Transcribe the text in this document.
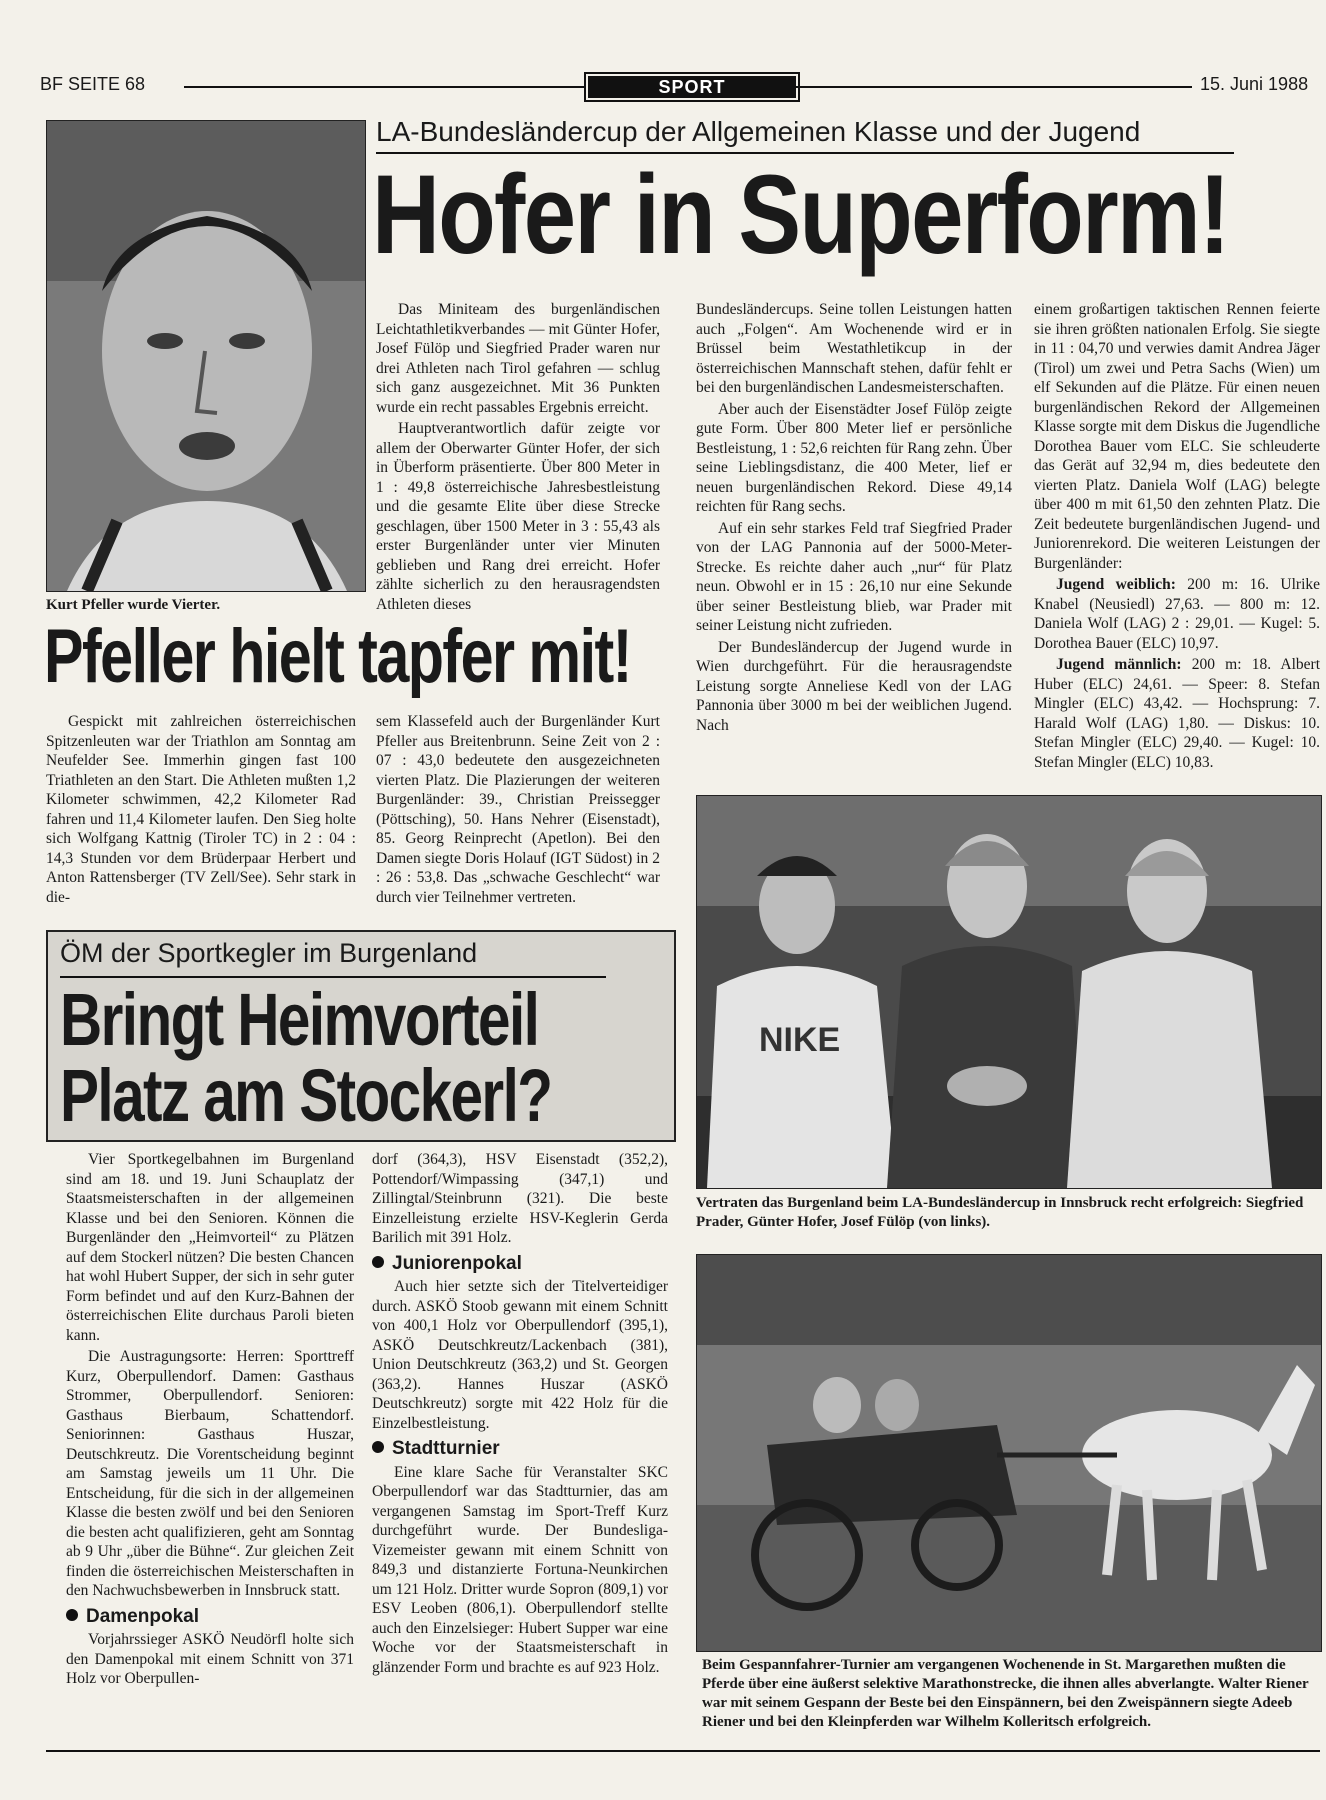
BF SEITE 68	SPORT	15. Juni 1988
Kurt Pfeller wurde Vierter.
LA-Bundesländercup der Allgemeinen Klasse und der Jugend
Hofer in Superform!

Das Miniteam des burgenländischen Leichtathletikverbandes — mit Günter Hofer, Josef Fülöp und Siegfried Prader waren nur drei Athleten nach Tirol gefahren — schlug sich ganz ausgezeichnet. Mit 36 Punkten wurde ein recht passables Ergebnis erreicht.

Hauptverantwortlich dafür zeigte vor allem der Oberwarter Günter Hofer, der sich in Überform präsentierte. Über 800 Meter in 1 : 49,8 österreichische Jahresbestleistung und die gesamte Elite über diese Strecke geschlagen, über 1500 Meter in 3 : 55,43 als erster Burgenländer unter vier Minuten geblieben und Rang drei erreicht. Hofer zählte sicherlich zu den herausragendsten Athleten dieses

Bundesländercups. Seine tollen Leistungen hatten auch „Folgen“. Am Wochenende wird er in Brüssel beim Westathletikcup in der österreichischen Mannschaft stehen, dafür fehlt er bei den burgenländischen Landesmeisterschaften.

Aber auch der Eisenstädter Josef Fülöp zeigte gute Form. Über 800 Meter lief er persönliche Bestleistung, 1 : 52,6 reichten für Rang zehn. Über seine Lieblingsdistanz, die 400 Meter, lief er neuen burgenländischen Rekord. Diese 49,14 reichten für Rang sechs.

Auf ein sehr starkes Feld traf Siegfried Prader von der LAG Pannonia auf der 5000-Meter-Strecke. Es reichte daher auch „nur“ für Platz neun. Obwohl er in 15 : 26,10 nur eine Sekunde über seiner Bestleistung blieb, war Prader mit seiner Leistung nicht zufrieden.

Der Bundesländercup der Jugend wurde in Wien durchgeführt. Für die herausragendste Leistung sorgte Anneliese Kedl von der LAG Pannonia über 3000 m bei der weiblichen Jugend. Nach

einem großartigen taktischen Rennen feierte sie ihren größten nationalen Erfolg. Sie siegte in 11 : 04,70 und verwies damit Andrea Jäger (Tirol) um zwei und Petra Sachs (Wien) um elf Sekunden auf die Plätze. Für einen neuen burgenländischen Rekord der Allgemeinen Klasse sorgte mit dem Diskus die Jugendliche Dorothea Bauer vom ELC. Sie schleuderte das Gerät auf 32,94 m, dies bedeutete den vierten Platz. Daniela Wolf (LAG) belegte über 400 m mit 61,50 den zehnten Platz. Die Zeit bedeutete burgenländischen Jugend- und Juniorenrekord. Die weiteren Leistungen der Burgenländer:

Jugend weiblich: 200 m: 16. Ulrike Knabel (Neusiedl) 27,63. — 800 m: 12. Daniela Wolf (LAG) 2 : 29,01. — Kugel: 5. Dorothea Bauer (ELC) 10,97.

Jugend männlich: 200 m: 18. Albert Huber (ELC) 24,61. — Speer: 8. Stefan Mingler (ELC) 43,42. — Hochsprung: 7. Harald Wolf (LAG) 1,80. — Diskus: 10. Stefan Mingler (ELC) 29,40. — Kugel: 10. Stefan Mingler (ELC) 10,83.

Pfeller hielt tapfer mit!

Gespickt mit zahlreichen österreichischen Spitzenleuten war der Triathlon am Sonntag am Neufelder See. Immerhin gingen fast 100 Triathleten an den Start. Die Athleten mußten 1,2 Kilometer schwimmen, 42,2 Kilometer Rad fahren und 11,4 Kilometer laufen. Den Sieg holte sich Wolfgang Kattnig (Tiroler TC) in 2 : 04 : 14,3 Stunden vor dem Brüderpaar Herbert und Anton Rattensberger (TV Zell/See). Sehr stark in die-

sem Klassefeld auch der Burgenländer Kurt Pfeller aus Breitenbrunn. Seine Zeit von 2 : 07 : 43,0 bedeutete den ausgezeichneten vierten Platz. Die Plazierungen der weiteren Burgenländer: 39., Christian Preissegger (Pöttsching), 50. Hans Nehrer (Eisenstadt), 85. Georg Reinprecht (Apetlon). Bei den Damen siegte Doris Holauf (IGT Südost) in 2 : 26 : 53,8. Das „schwache Geschlecht“ war durch vier Teilnehmer vertreten.

NIKE
Vertraten das Burgenland beim LA-Bundesländercup in Innsbruck recht erfolgreich: Siegfried Prader, Günter Hofer, Josef Fülöp (von links).
ÖM der Sportkegler im Burgenland
Bringt Heimvorteil
Platz am Stockerl?

Vier Sportkegelbahnen im Burgenland sind am 18. und 19. Juni Schauplatz der Staatsmeisterschaften in der allgemeinen Klasse und bei den Senioren. Können die Burgenländer den „Heimvorteil“ zu Plätzen auf dem Stockerl nützen? Die besten Chancen hat wohl Hubert Supper, der sich in sehr guter Form befindet und auf den Kurz-Bahnen der österreichischen Elite durchaus Paroli bieten kann.

Die Austragungsorte: Herren: Sporttreff Kurz, Oberpullendorf. Damen: Gasthaus Strommer, Oberpullendorf. Senioren: Gasthaus Bierbaum, Schattendorf. Seniorinnen: Gasthaus Huszar, Deutschkreutz. Die Vorentscheidung beginnt am Samstag jeweils um 11 Uhr. Die Entscheidung, für die sich in der allgemeinen Klasse die besten zwölf und bei den Senioren die besten acht qualifizieren, geht am Sonntag ab 9 Uhr „über die Bühne“. Zur gleichen Zeit finden die österreichischen Meisterschaften in den Nachwuchsbewerben in Innsbruck statt.

Damenpokal

Vorjahrssieger ASKÖ Neudörfl holte sich den Damenpokal mit einem Schnitt von 371 Holz vor Oberpullen-

dorf (364,3), HSV Eisenstadt (352,2), Pottendorf/Wimpassing (347,1) und Zillingtal/Steinbrunn (321). Die beste Einzelleistung erzielte HSV-Keglerin Gerda Barilich mit 391 Holz.

Juniorenpokal

Auch hier setzte sich der Titelverteidiger durch. ASKÖ Stoob gewann mit einem Schnitt von 400,1 Holz vor Oberpullendorf (395,1), ASKÖ Deutschkreutz/Lackenbach (381), Union Deutschkreutz (363,2) und St. Georgen (363,2). Hannes Huszar (ASKÖ Deutschkreutz) sorgte mit 422 Holz für die Einzelbestleistung.

Stadtturnier

Eine klare Sache für Veranstalter SKC Oberpullendorf war das Stadtturnier, das am vergangenen Samstag im Sport-Treff Kurz durchgeführt wurde. Der Bundesliga-Vizemeister gewann mit einem Schnitt von 849,3 und distanzierte Fortuna-Neunkirchen um 121 Holz. Dritter wurde Sopron (809,1) vor ESV Leoben (806,1). Oberpullendorf stellte auch den Einzelsieger: Hubert Supper war eine Woche vor der Staatsmeisterschaft in glänzender Form und brachte es auf 923 Holz.	Beim Gespannfahrer-Turnier am vergangenen Wochenende in St. Margarethen mußten die Pferde über eine äußerst selektive Marathonstrecke, die ihnen alles abverlangte. Walter Riener war mit seinem Gespann der Beste bei den Einspännern, bei den Zweispännern siegte Adeeb Riener und bei den Kleinpferden war Wilhelm Kolleritsch erfolgreich.
